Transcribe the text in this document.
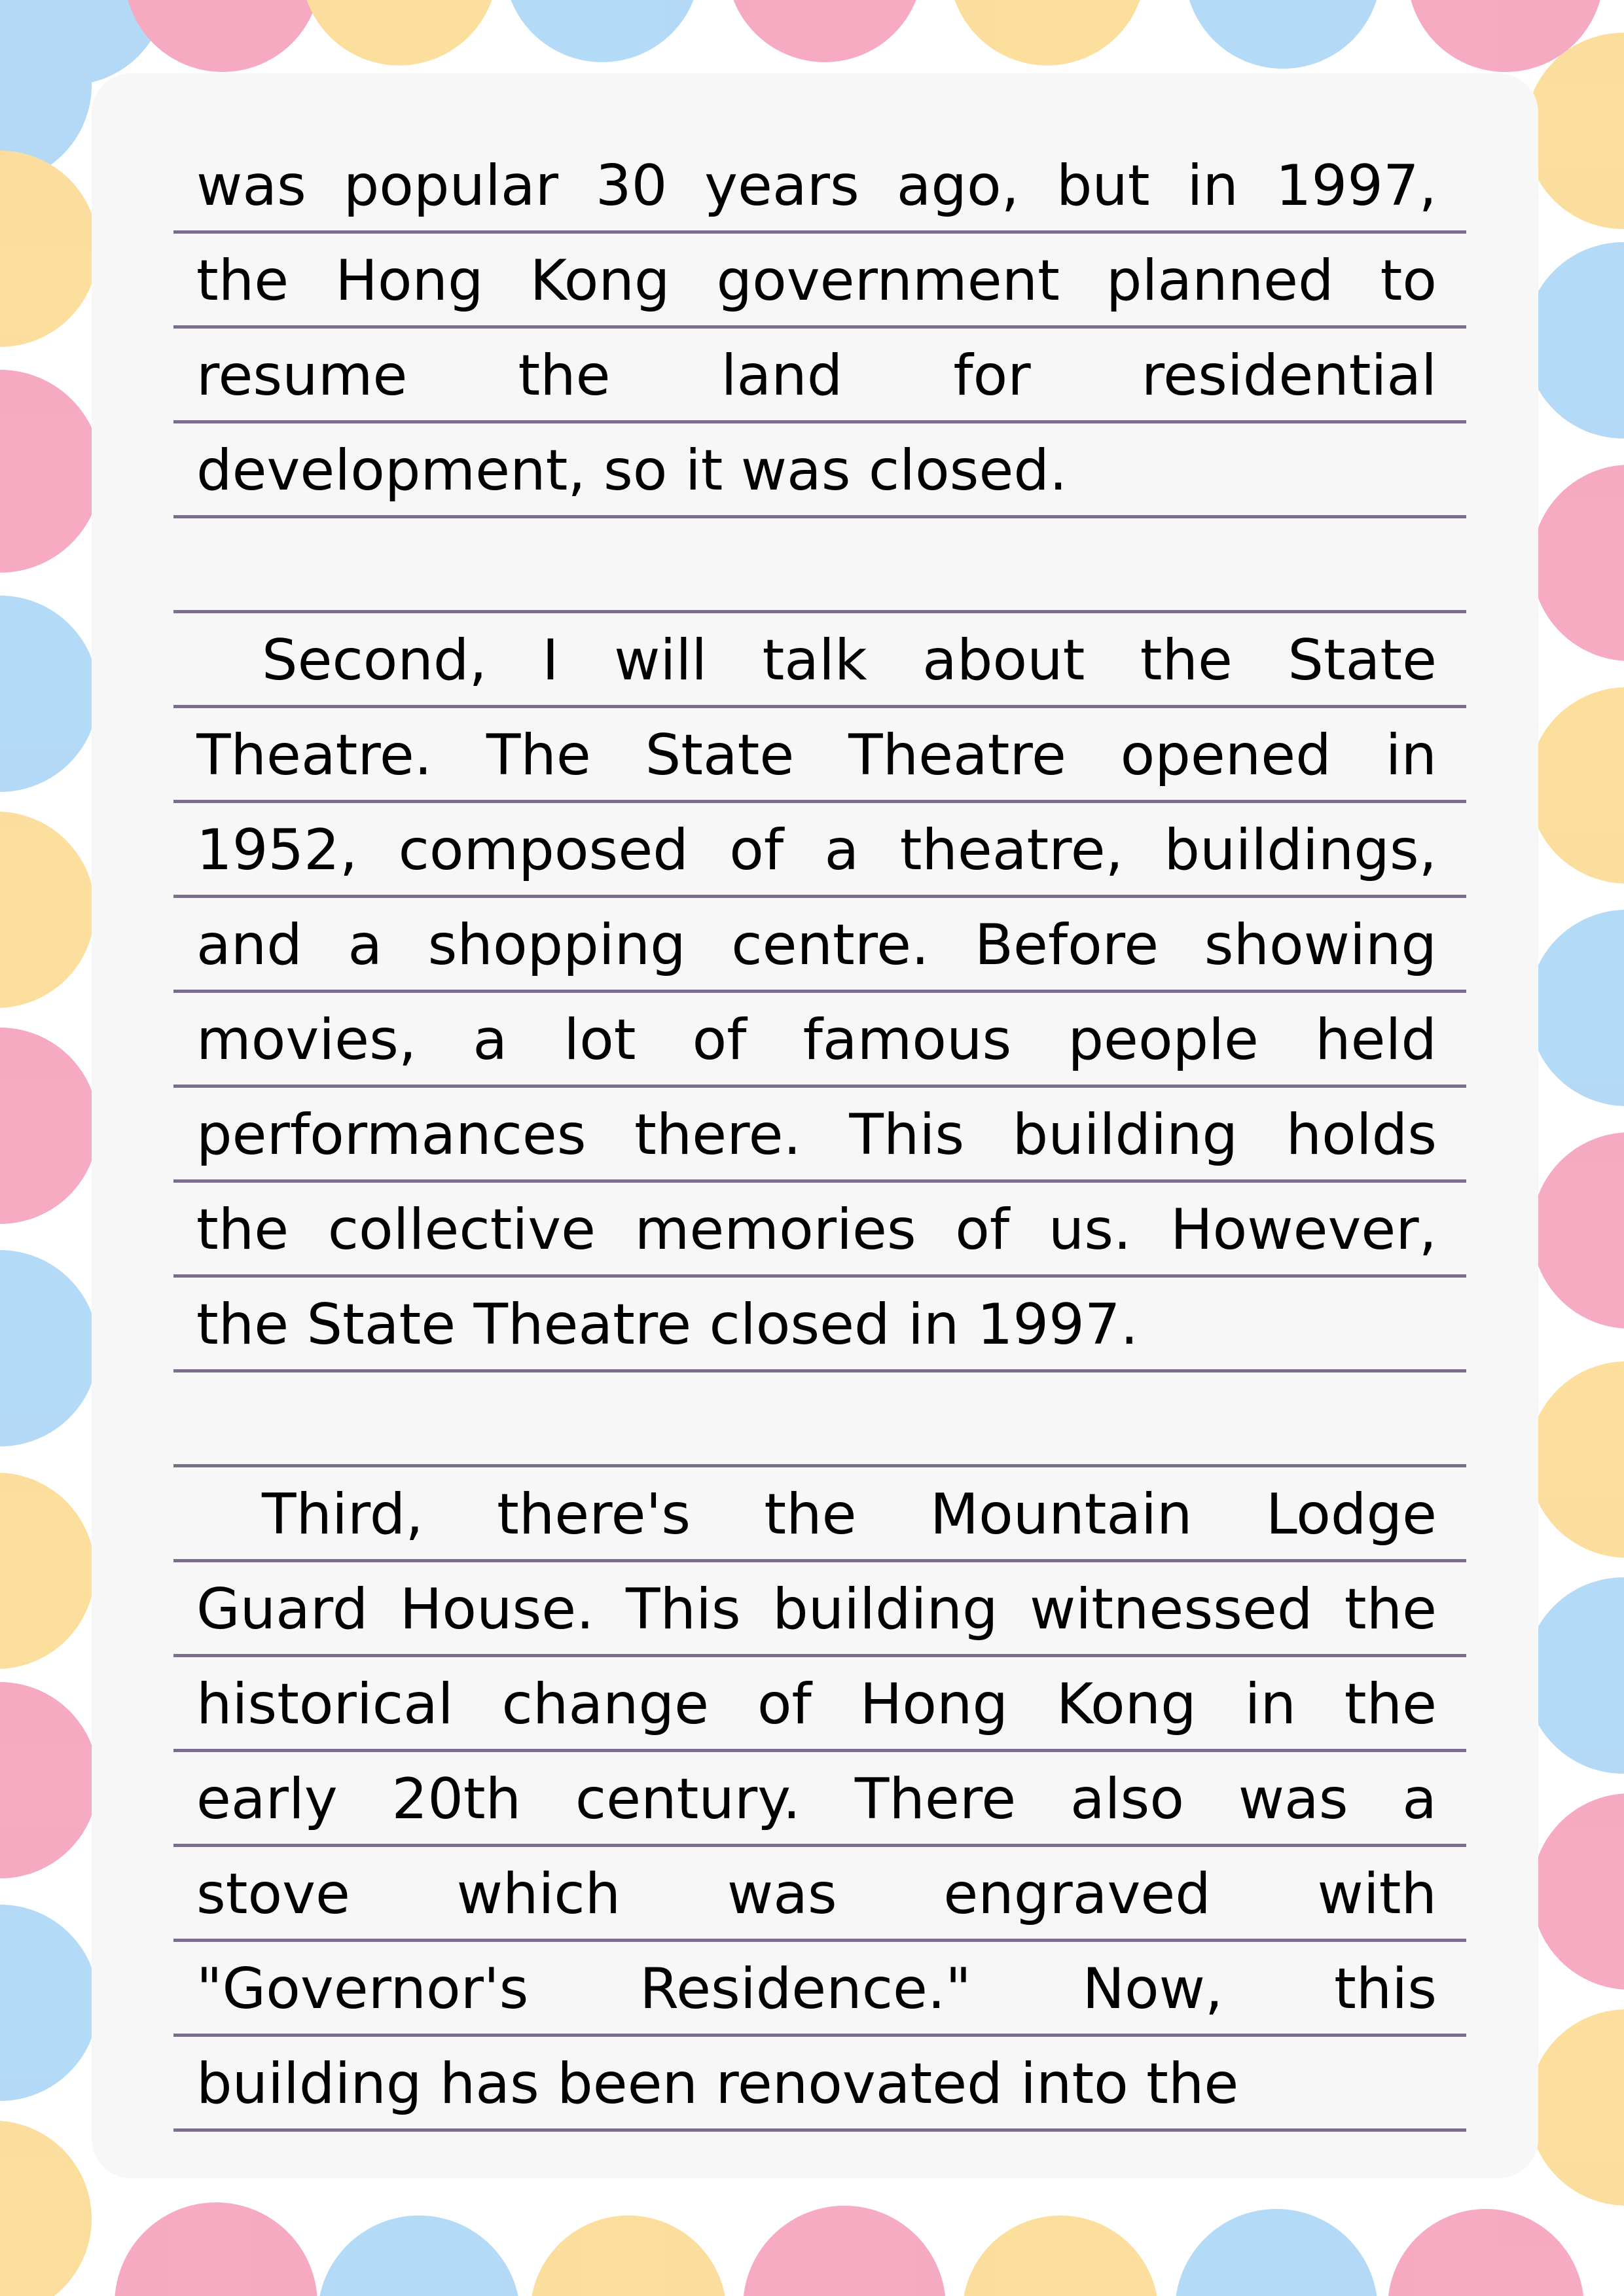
was popular 30 years ago, but in 1997,
the Hong Kong government planned to
resume the land for residential
development, so it was closed.
Second, I will talk about the State
Theatre. The State Theatre opened in
1952, composed of a theatre, buildings,
and a shopping centre. Before showing
movies, a lot of famous people held
performances there. This building holds
the collective memories of us. However,
the State Theatre closed in 1997.
Third, there's the Mountain Lodge
Guard House. This building witnessed the
historical change of Hong Kong in the
early 20th century. There also was a
stove which was engraved with
"Governor's Residence." Now, this
building has been renovated into the
